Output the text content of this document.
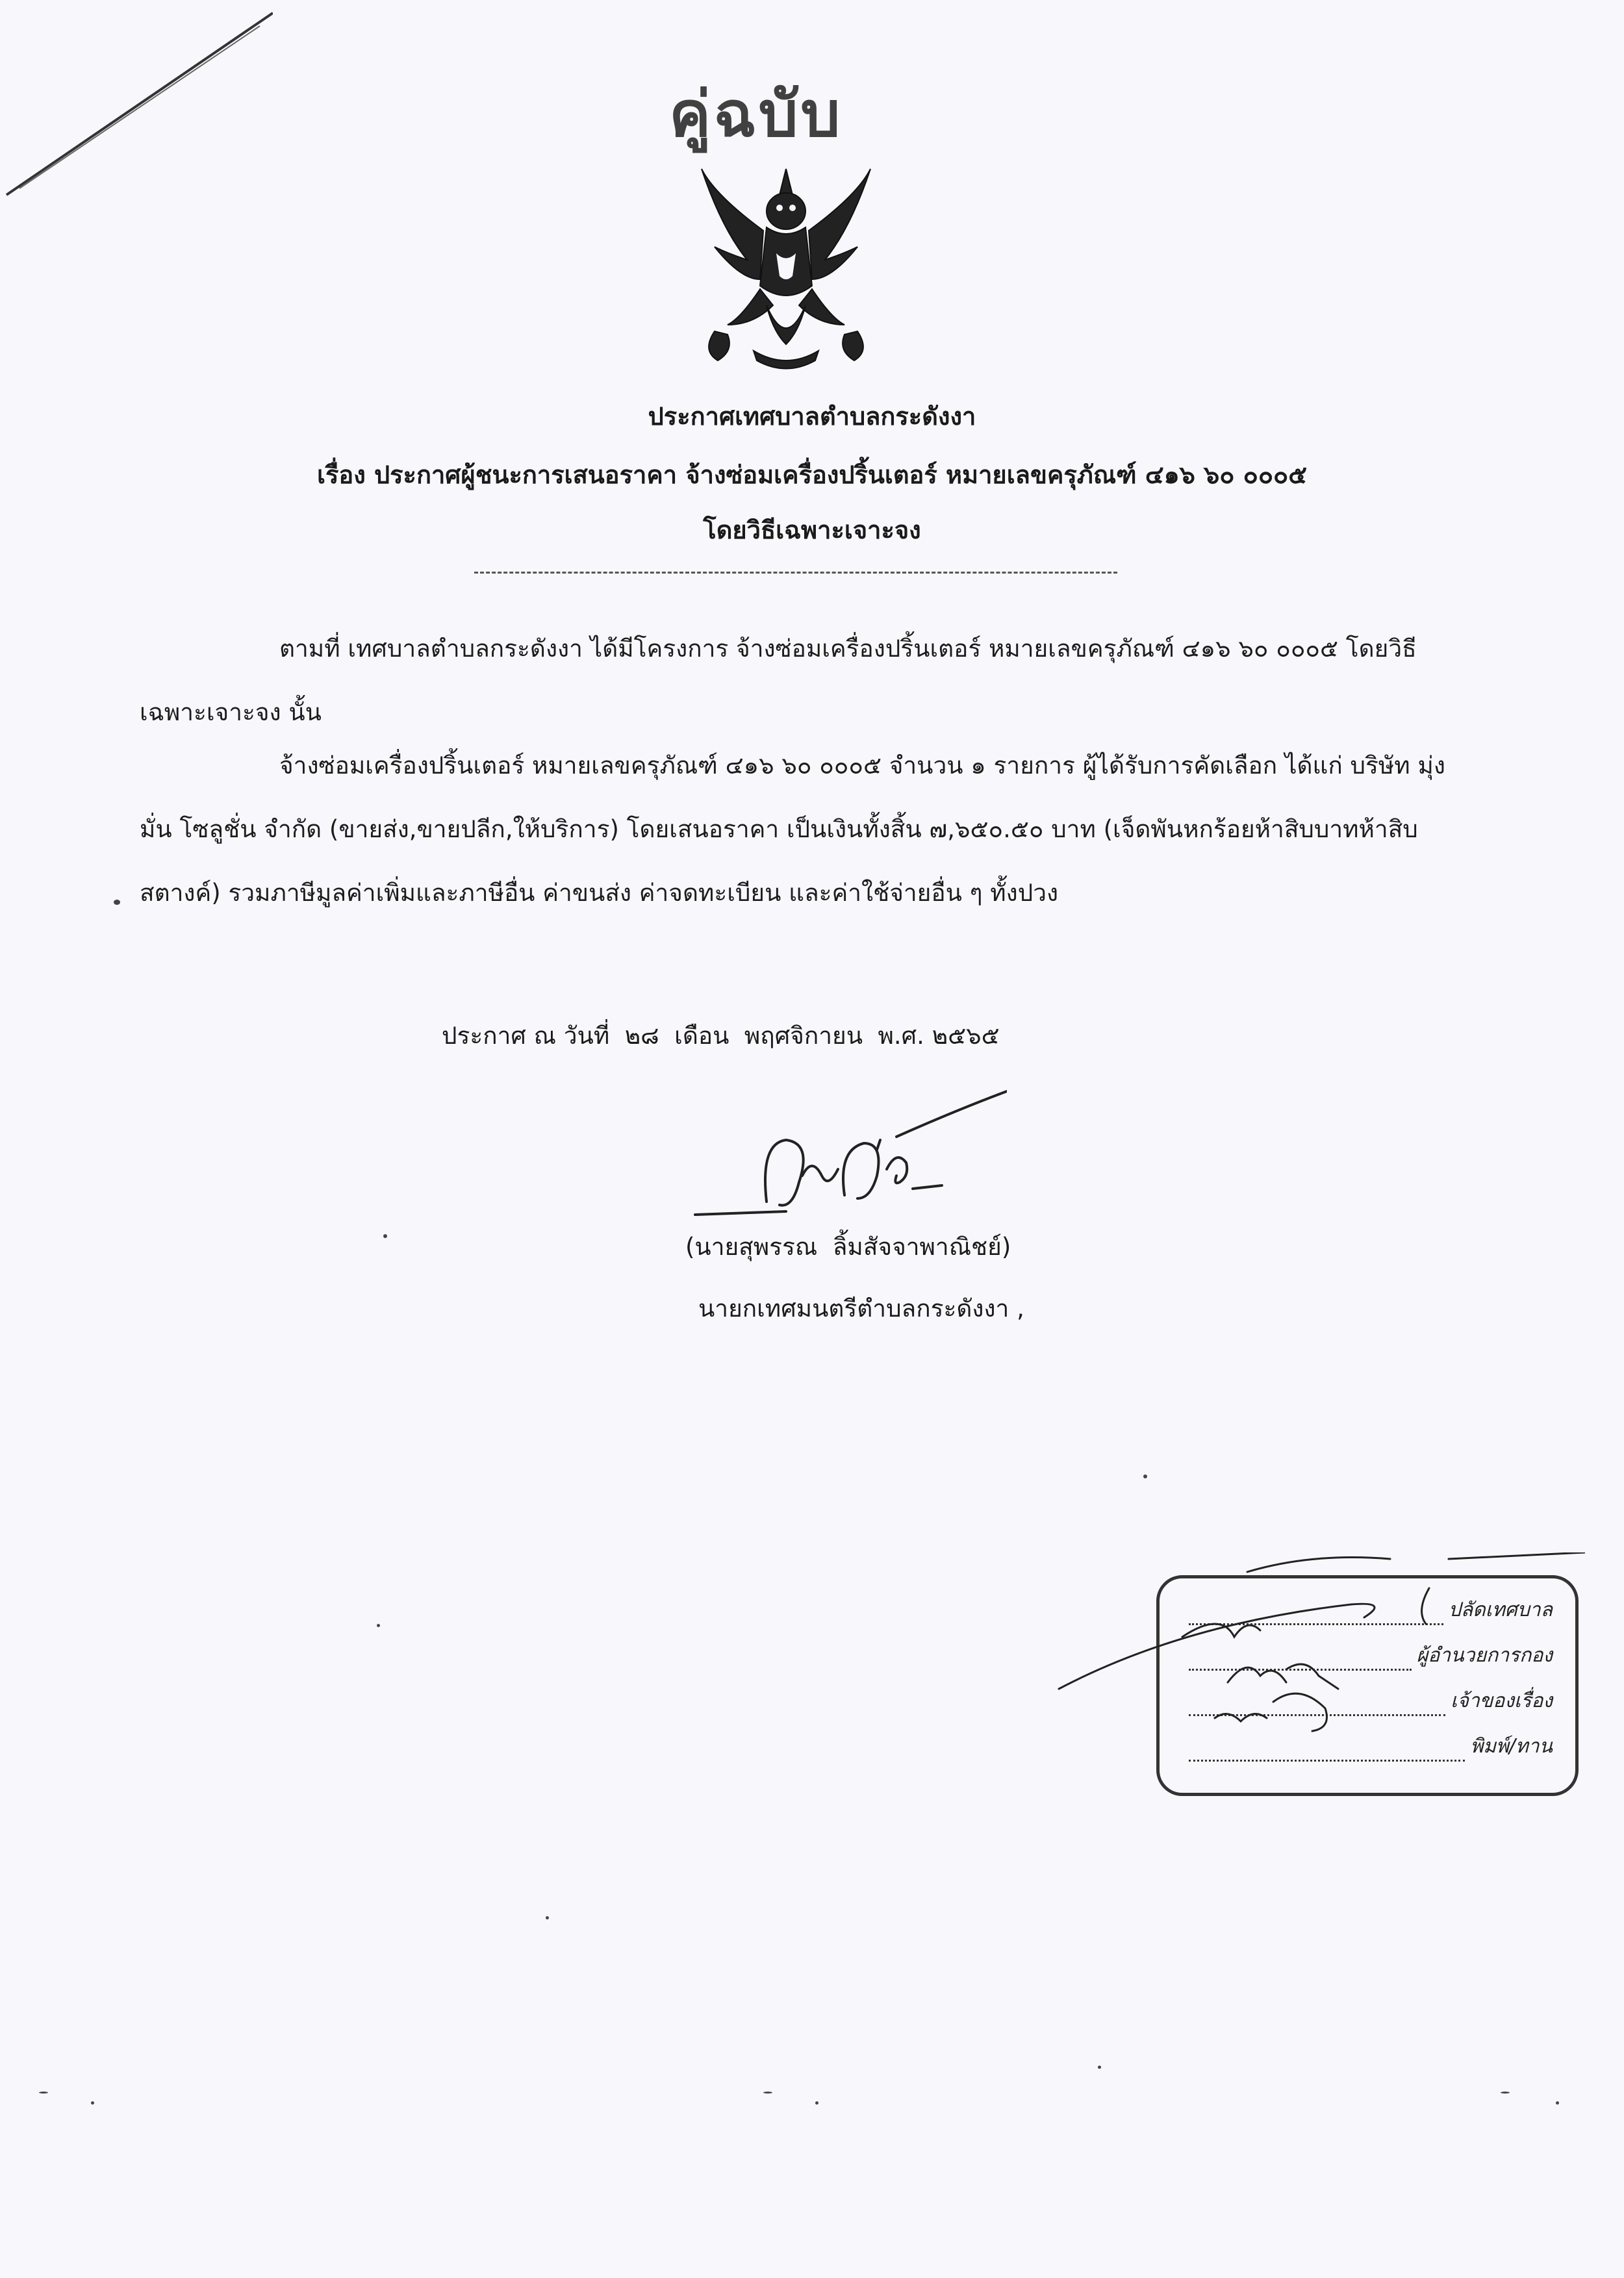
คู่ฉบับ
ประกาศเทศบาลตำบลกระดังงา
เรื่อง ประกาศผู้ชนะการเสนอราคา จ้างซ่อมเครื่องปริ้นเตอร์ หมายเลขครุภัณฑ์ ๔๑๖ ๖๐ ๐๐๐๕
โดยวิธีเฉพาะเจาะจง
ตามที่ เทศบาลตำบลกระดังงา ได้มีโครงการ จ้างซ่อมเครื่องปริ้นเตอร์ หมายเลขครุภัณฑ์ ๔๑๖ ๖๐ ๐๐๐๕ โดยวิธีเฉพาะเจาะจง นั้น
จ้างซ่อมเครื่องปริ้นเตอร์ หมายเลขครุภัณฑ์ ๔๑๖ ๖๐ ๐๐๐๕ จำนวน ๑ รายการ ผู้ได้รับการคัดเลือก ได้แก่ บริษัท มุ่งมั่น โซลูชั่น จำกัด (ขายส่ง,ขายปลีก,ให้บริการ) โดยเสนอราคา เป็นเงินทั้งสิ้น ๗,๖๕๐.๕๐ บาท (เจ็ดพันหกร้อยห้าสิบบาทห้าสิบสตางค์) รวมภาษีมูลค่าเพิ่มและภาษีอื่น ค่าขนส่ง ค่าจดทะเบียน และค่าใช้จ่ายอื่น ๆ ทั้งปวง
ประกาศ ณ วันที่  ๒๘  เดือน  พฤศจิกายน  พ.ศ. ๒๕๖๕
(นายสุพรรณ  ลิ้มสัจจาพาณิชย์)
นายกเทศมนตรีตำบลกระดังงา ,
ปลัดเทศบาล
ผู้อำนวยการกอง
เจ้าของเรื่อง
พิมพ์/ทาน
